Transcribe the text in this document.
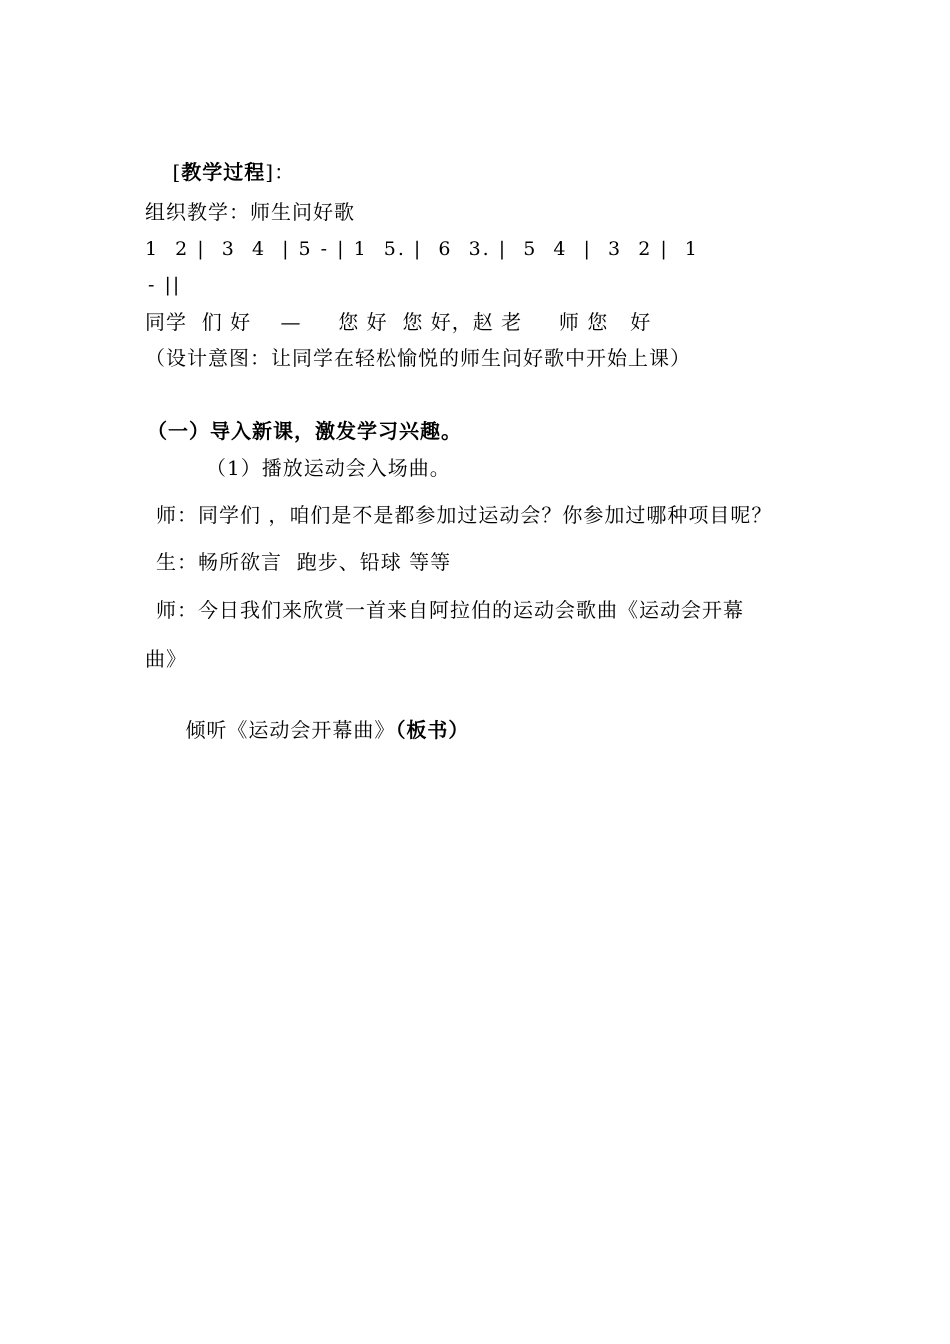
[教学过程]：

组织教学：师生问好歌
1  2 |  3  4  | 5 - | 1  5. |  6  3. |  5  4  |  3  2 |  1
- ||
同学  们 好    —     您 好  您 好，赵 老     师 您   好
（设计意图：让同学在轻松愉悦的师生问好歌中开始上课）
（一）导入新课，激发学习兴趣。
（1）播放运动会入场曲。
师：同学们 ，咱们是不是都参加过运动会？你参加过哪种项目呢？
生：畅所欲言  跑步、铅球 等等
师：今日我们来欣赏一首来自阿拉伯的运动会歌曲《运动会开幕
曲》

倾听《运动会开幕曲》（板书）
